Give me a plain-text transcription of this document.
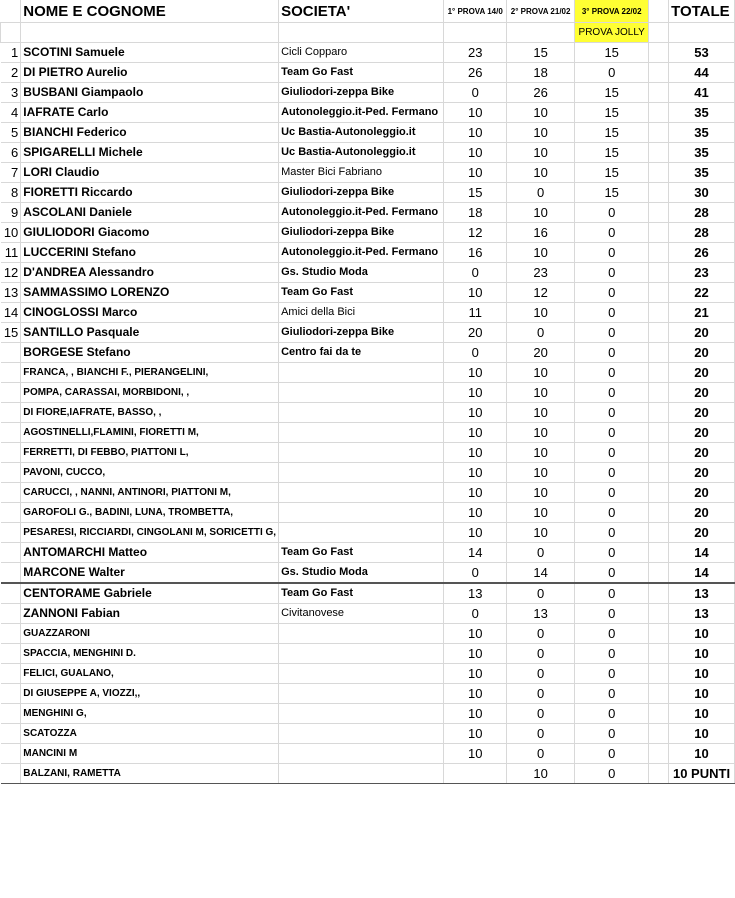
	NOME E COGNOME	SOCIETA'	1° PROVA 14/0	2° PROVA 21/02	3° PROVA 22/02		TOTALE
					PROVA JOLLY		
1	SCOTINI Samuele	Cicli Copparo	23	15	15		53
2	DI PIETRO Aurelio	Team Go Fast	26	18	0		44
3	BUSBANI Giampaolo	Giuliodori-zeppa Bike	0	26	15		41
4	IAFRATE Carlo	Autonoleggio.it-Ped. Fermano	10	10	15		35
5	BIANCHI Federico	Uc Bastia-Autonoleggio.it	10	10	15		35
6	SPIGARELLI Michele	Uc Bastia-Autonoleggio.it	10	10	15		35
7	LORI Claudio	Master Bici Fabriano	10	10	15		35
8	FIORETTI Riccardo	Giuliodori-zeppa Bike	15	0	15		30
9	ASCOLANI Daniele	Autonoleggio.it-Ped. Fermano	18	10	0		28
10	GIULIODORI Giacomo	Giuliodori-zeppa Bike	12	16	0		28
11	LUCCERINI Stefano	Autonoleggio.it-Ped. Fermano	16	10	0		26
12	D'ANDREA Alessandro	Gs. Studio Moda	0	23	0		23
13	SAMMASSIMO LORENZO	Team Go Fast	10	12	0		22
14	CINOGLOSSI Marco	Amici della Bici	11	10	0		21
15	SANTILLO Pasquale	Giuliodori-zeppa Bike	20	0	0		20
	BORGESE Stefano	Centro fai da te	0	20	0		20
	FRANCA, , BIANCHI F., PIERANGELINI,		10	10	0		20
	POMPA, CARASSAI, MORBIDONI, ,		10	10	0		20
	DI FIORE,IAFRATE, BASSO, ,		10	10	0		20
	AGOSTINELLI,FLAMINI, FIORETTI M,		10	10	0		20
	FERRETTI, DI FEBBO, PIATTONI L,		10	10	0		20
	PAVONI, CUCCO,		10	10	0		20
	CARUCCI, , NANNI, ANTINORI, PIATTONI M,		10	10	0		20
	GAROFOLI G., BADINI, LUNA, TROMBETTA,		10	10	0		20
	PESARESI, RICCIARDI, CINGOLANI M, SORICETTI G,		10	10	0		20
	ANTOMARCHI Matteo	Team Go Fast	14	0	0		14
	MARCONE Walter	Gs. Studio Moda	0	14	0		14
	CENTORAME Gabriele	Team Go Fast	13	0	0		13
	ZANNONI Fabian	Civitanovese	0	13	0		13
	GUAZZARONI		10	0	0		10
	SPACCIA, MENGHINI D.		10	0	0		10
	FELICI, GUALANO,		10	0	0		10
	DI GIUSEPPE A, VIOZZI,,		10	0	0		10
	MENGHINI G,		10	0	0		10
	SCATOZZA		10	0	0		10
	MANCINI M		10	0	0		10
	BALZANI, RAMETTA			10	0		10 PUNTI
